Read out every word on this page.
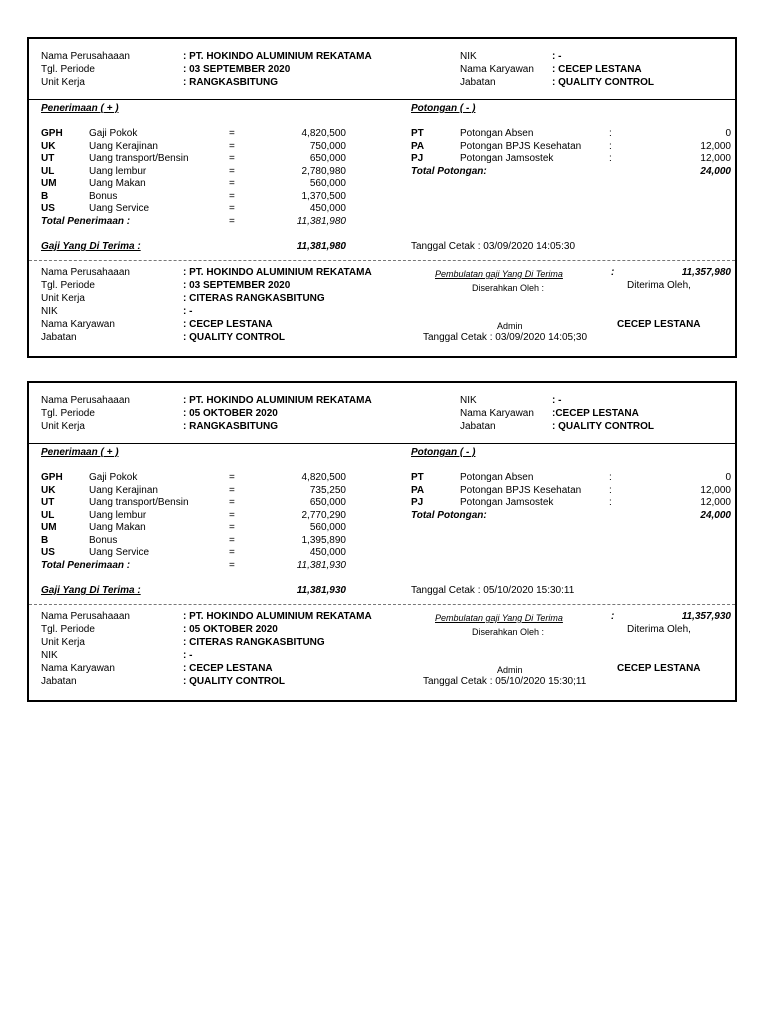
Nama Perusahaaan	: PT. HOKINDO ALUMINIUM REKATAMA
Tgl. Periode	: 03 SEPTEMBER 2020
Unit Kerja	: RANGKASBITUNG
NIK	: -
Nama Karyawan : CECEP LESTANA
Jabatan	: QUALITY CONTROL
Penerimaan ( + )	Potongan ( - )
GPH	Gaji Pokok	=	4,820,500
UK	Uang Kerajinan	=	750,000
UT	Uang transport/Bensin	=	650,000
UL	Uang lembur	=	2,780,980
UM	Uang Makan	=	560,000
B	Bonus	=	1,370,500
US	Uang Service	=	450,000
Total Penerimaan :	=	11,381,980
PT	Potongan Absen	:	0
PA	Potongan BPJS Kesehatan	:	12,000
PJ	Potongan Jamsostek	:	12,000
Total Potongan:	24,000
Gaji Yang Di Terima :	11,381,980	Tanggal Cetak : 03/09/2020 14:05:30
Nama Perusahaaan	: PT. HOKINDO ALUMINIUM REKATAMA
Tgl. Periode	: 03 SEPTEMBER 2020
Unit Kerja	: CITERAS RANGKASBITUNG
NIK	: -
Nama Karyawan	: CECEP LESTANA
Jabatan	: QUALITY CONTROL
Pembulatan gaji Yang Di Terima	:	11,357,980
Diserahkan Oleh :	Diterima Oleh,
Admin	CECEP LESTANA
Tanggal Cetak : 03/09/2020 14:05;30
Nama Perusahaaan	: PT. HOKINDO ALUMINIUM REKATAMA
Tgl. Periode	: 05 OKTOBER 2020
Unit Kerja	: RANGKASBITUNG
NIK	: -
Nama Karyawan :CECEP LESTANA
Jabatan	: QUALITY CONTROL
Penerimaan ( + )	Potongan ( - )
GPH	Gaji Pokok	=	4,820,500
UK	Uang Kerajinan	=	735,250
UT	Uang transport/Bensin	=	650,000
UL	Uang lembur	=	2,770,290
UM	Uang Makan	=	560,000
B	Bonus	=	1,395,890
US	Uang Service	=	450,000
Total Penerimaan :	=	11,381,930
PT	Potongan Absen	:	0
PA	Potongan BPJS Kesehatan	:	12,000
PJ	Potongan Jamsostek	:	12,000
Total Potongan:	24,000
Gaji Yang Di Terima :	11,381,930	Tanggal Cetak : 05/10/2020 15:30:11
Nama Perusahaaan	: PT. HOKINDO ALUMINIUM REKATAMA
Tgl. Periode	: 05 OKTOBER 2020
Unit Kerja	: CITERAS RANGKASBITUNG
NIK	: -
Nama Karyawan	: CECEP LESTANA
Jabatan	: QUALITY CONTROL
Pembulatan gaji Yang Di Terima	:	11,357,930
Diserahkan Oleh :	Diterima Oleh,
Admin	CECEP LESTANA
Tanggal Cetak : 05/10/2020 15:30;11
